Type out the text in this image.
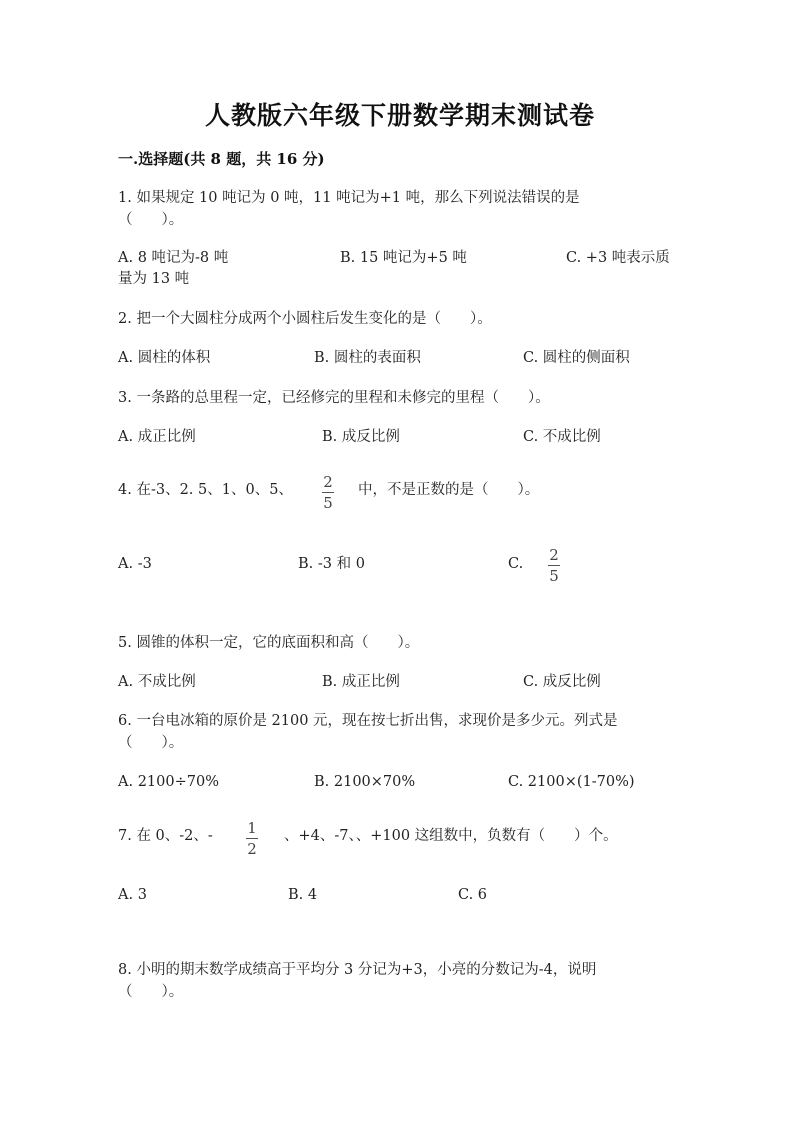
人教版六年级下册数学期末测试卷
一.选择题(共 8 题，共 16 分)
1. 如果规定 10 吨记为 0 吨，11 吨记为+1 吨，那么下列说法错误的是
（　　）。
A. 8 吨记为-8 吨	B. 15 吨记为+5 吨	C. +3 吨表示质
量为 13 吨
2. 把一个大圆柱分成两个小圆柱后发生变化的是（　　）。
A. 圆柱的体积	B. 圆柱的表面积	C. 圆柱的侧面积
3. 一条路的总里程一定，已经修完的里程和未修完的里程（　　）。
A. 成正比例	B. 成反比例	C. 不成比例
4. 在-3、2. 5、1、0、5、 2
5
中，不是正数的是（　　）。
A. -3	B. -3 和 0	C. 2
5
5. 圆锥的体积一定，它的底面积和高（　　）。
A. 不成比例	B. 成正比例	C. 成反比例
6. 一台电冰箱的原价是 2100 元，现在按七折出售，求现价是多少元。列式是
（　　）。
A. 2100÷70%	B. 2100×70%	C. 2100×(1-70%)
7. 在 0、-2、- 1
2
、+4、-7、、+100 这组数中，负数有（　　）个。
A. 3	B. 4	C. 6
8. 小明的期末数学成绩高于平均分 3 分记为+3，小亮的分数记为-4，说明
（　　）。
